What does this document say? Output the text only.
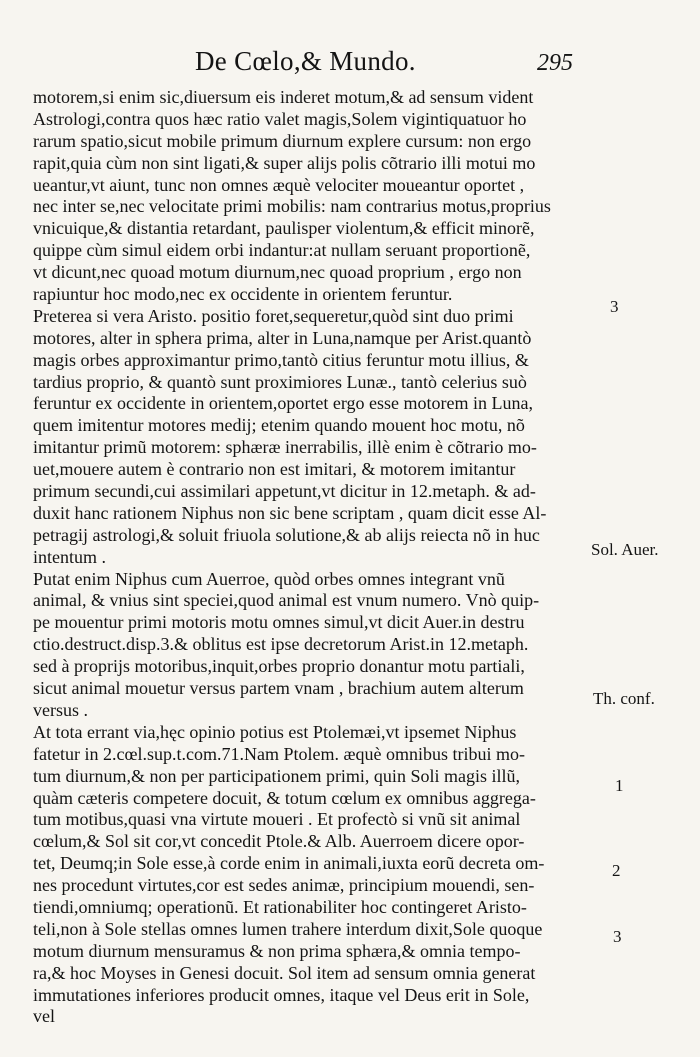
De Cœlo,& Mundo.	295
motorem,si enim sic,diuersum eis inderet motum,& ad sensum vident
Astrologi,contra quos hæc ratio valet magis,Solem vigintiquatuor ho
rarum spatio,sicut mobile primum diurnum explere cursum: non ergo
rapit,quia cùm non sint ligati,& super alijs polis cõtrario illi motui mo
ueantur,vt aiunt, tunc non omnes æquè velociter moueantur oportet ,
nec inter se,nec velocitate primi mobilis: nam contrarius motus,proprius
vnicuique,& distantia retardant, paulisper violentum,& efficit minorẽ,
quippe cùm simul eidem orbi indantur:at nullam seruant proportionẽ,
vt dicunt,nec quoad motum diurnum,nec quoad proprium , ergo non
rapiuntur hoc modo,nec ex occidente in orientem feruntur.
Preterea si vera Aristo. positio foret,sequeretur,quòd sint duo primi
motores, alter in sphera prima, alter in Luna,namque per Arist.quantò
magis orbes approximantur primo,tantò citius feruntur motu illius, &
tardius proprio, & quantò sunt proximiores Lunæ., tantò celerius suò
feruntur ex occidente in orientem,oportet ergo esse motorem in Luna,
quem imitentur motores medij; etenim quando mouent hoc motu, nõ
imitantur primũ motorem: sphæræ inerrabilis, illè enim è cõtrario mo-
uet,mouere autem è contrario non est imitari, & motorem imitantur
primum secundi,cui assimilari appetunt,vt dicitur in 12.metaph. & ad-
duxit hanc rationem Niphus non sic bene scriptam , quam dicit esse Al-
petragij astrologi,& soluit friuola solutione,& ab alijs reiecta nõ in huc
intentum .
Putat enim Niphus cum Auerroe, quòd orbes omnes integrant vnũ
animal, & vnius sint speciei,quod animal est vnum numero. Vnò quip-
pe mouentur primi motoris motu omnes simul,vt dicit Auer.in destru
ctio.destruct.disp.3.& oblitus est ipse decretorum Arist.in 12.metaph.
sed à proprijs motoribus,inquit,orbes proprio donantur motu partiali,
sicut animal mouetur versus partem vnam , brachium autem alterum
versus .
At tota errant via,hęc opinio potius est Ptolemæi,vt ipsemet Niphus
fatetur in 2.cœl.sup.t.com.71.Nam Ptolem. æquè omnibus tribui mo-
tum diurnum,& non per participationem primi, quin Soli magis illũ,
quàm cæteris competere docuit, & totum cœlum ex omnibus aggrega-
tum motibus,quasi vna virtute moueri . Et profectò si vnũ sit animal
cœlum,& Sol sit cor,vt concedit Ptole.& Alb. Auerroem dicere opor-
tet, Deumq;in Sole esse,à corde enim in animali,iuxta eorũ decreta om-
nes procedunt virtutes,cor est sedes animæ, principium mouendi, sen-
tiendi,omniumq; operationũ. Et rationabiliter hoc contingeret Aristo-
teli,non à Sole stellas omnes lumen trahere interdum dixit,Sole quoque
motum diurnum mensuramus & non prima sphæra,& omnia tempo-
ra,& hoc Moyses in Genesi docuit. Sol item ad sensum omnia generat
immutationes inferiores producit omnes, itaque vel Deus erit in Sole,
vel
3
Sol. Auer.
Th. conf.
1
2
3
